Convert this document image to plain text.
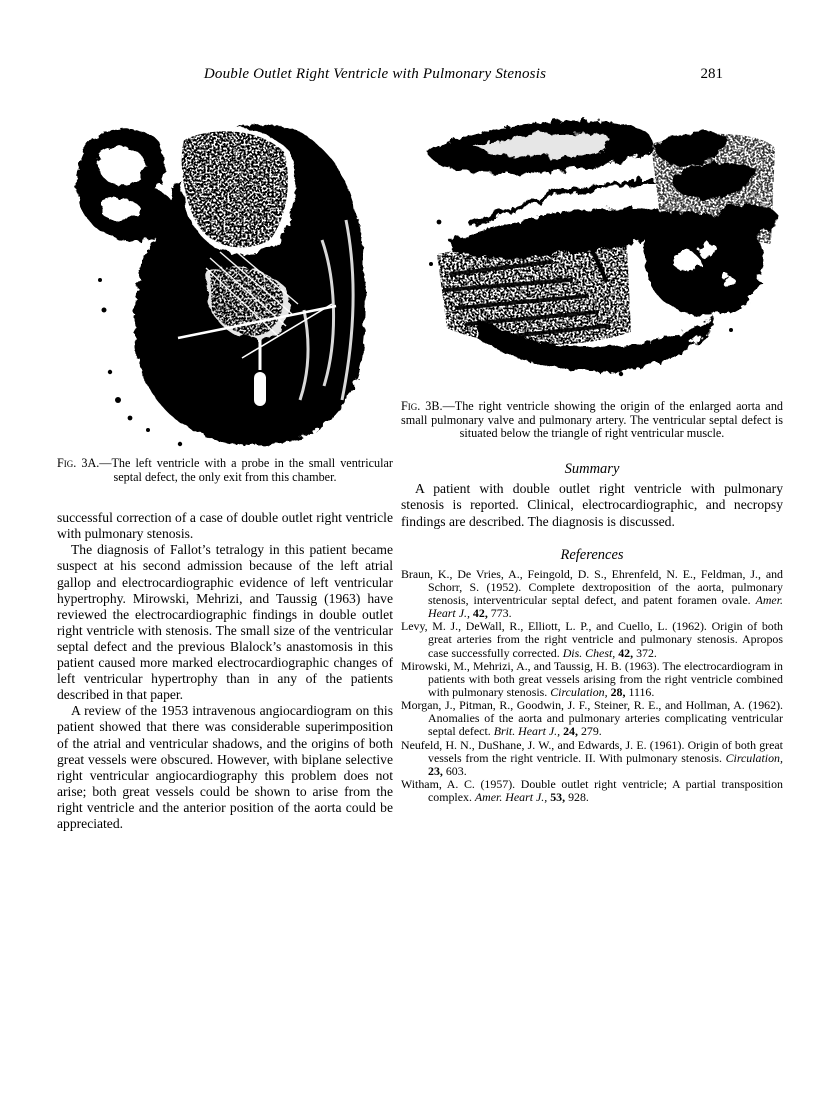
Double Outlet Right Ventricle with Pulmonary Stenosis	281
Fig. 3A.—The left ventricle with a probe in the small ventricular septal defect, the only exit from this chamber.

successful correction of a case of double outlet right ventricle with pulmonary stenosis.

The diagnosis of Fallot’s tetralogy in this patient became suspect at his second admission because of the left atrial gallop and electrocardiographic evidence of left ventricular hypertrophy. Mirowski, Mehrizi, and Taussig (1963) have reviewed the electrocardiographic findings in double outlet right ventricle with stenosis. The small size of the ventricular septal defect and the previous Blalock’s anastomosis in this patient caused more marked electrocardiographic changes of left ventricular hypertrophy than in any of the patients described in that paper.

A review of the 1953 intravenous angiocardiogram on this patient showed that there was considerable superimposition of the atrial and ventricular shadows, and the origins of both great vessels were obscured. However, with biplane selective right ventricular angiocardiography this problem does not arise; both great vessels could be shown to arise from the right ventricle and the anterior position of the aorta could be appreciated.

Fig. 3B.—The right ventricle showing the origin of the enlarged aorta and small pulmonary valve and pulmonary artery. The ventricular septal defect is situated below the triangle of right ventricular muscle.
Summary

A patient with double outlet right ventricle with pulmonary stenosis is reported. Clinical, electrocardiographic, and necropsy findings are described. The diagnosis is discussed.

References
Braun, K., De Vries, A., Feingold, D. S., Ehrenfeld, N. E., Feldman, J., and Schorr, S. (1952). Complete dextroposition of the aorta, pulmonary stenosis, interventricular septal defect, and patent foramen ovale. Amer. Heart J., 42, 773.
Levy, M. J., DeWall, R., Elliott, L. P., and Cuello, L. (1962). Origin of both great arteries from the right ventricle and pulmonary stenosis. Apropos case successfully corrected. Dis. Chest, 42, 372.
Mirowski, M., Mehrizi, A., and Taussig, H. B. (1963). The electrocardiogram in patients with both great vessels arising from the right ventricle combined with pulmonary stenosis. Circulation, 28, 1116.
Morgan, J., Pitman, R., Goodwin, J. F., Steiner, R. E., and Hollman, A. (1962). Anomalies of the aorta and pulmonary arteries complicating ventricular septal defect. Brit. Heart J., 24, 279.
Neufeld, H. N., DuShane, J. W., and Edwards, J. E. (1961). Origin of both great vessels from the right ventricle. II. With pulmonary stenosis. Circulation, 23, 603.
Witham, A. C. (1957). Double outlet right ventricle; A partial transposition complex. Amer. Heart J., 53, 928.
